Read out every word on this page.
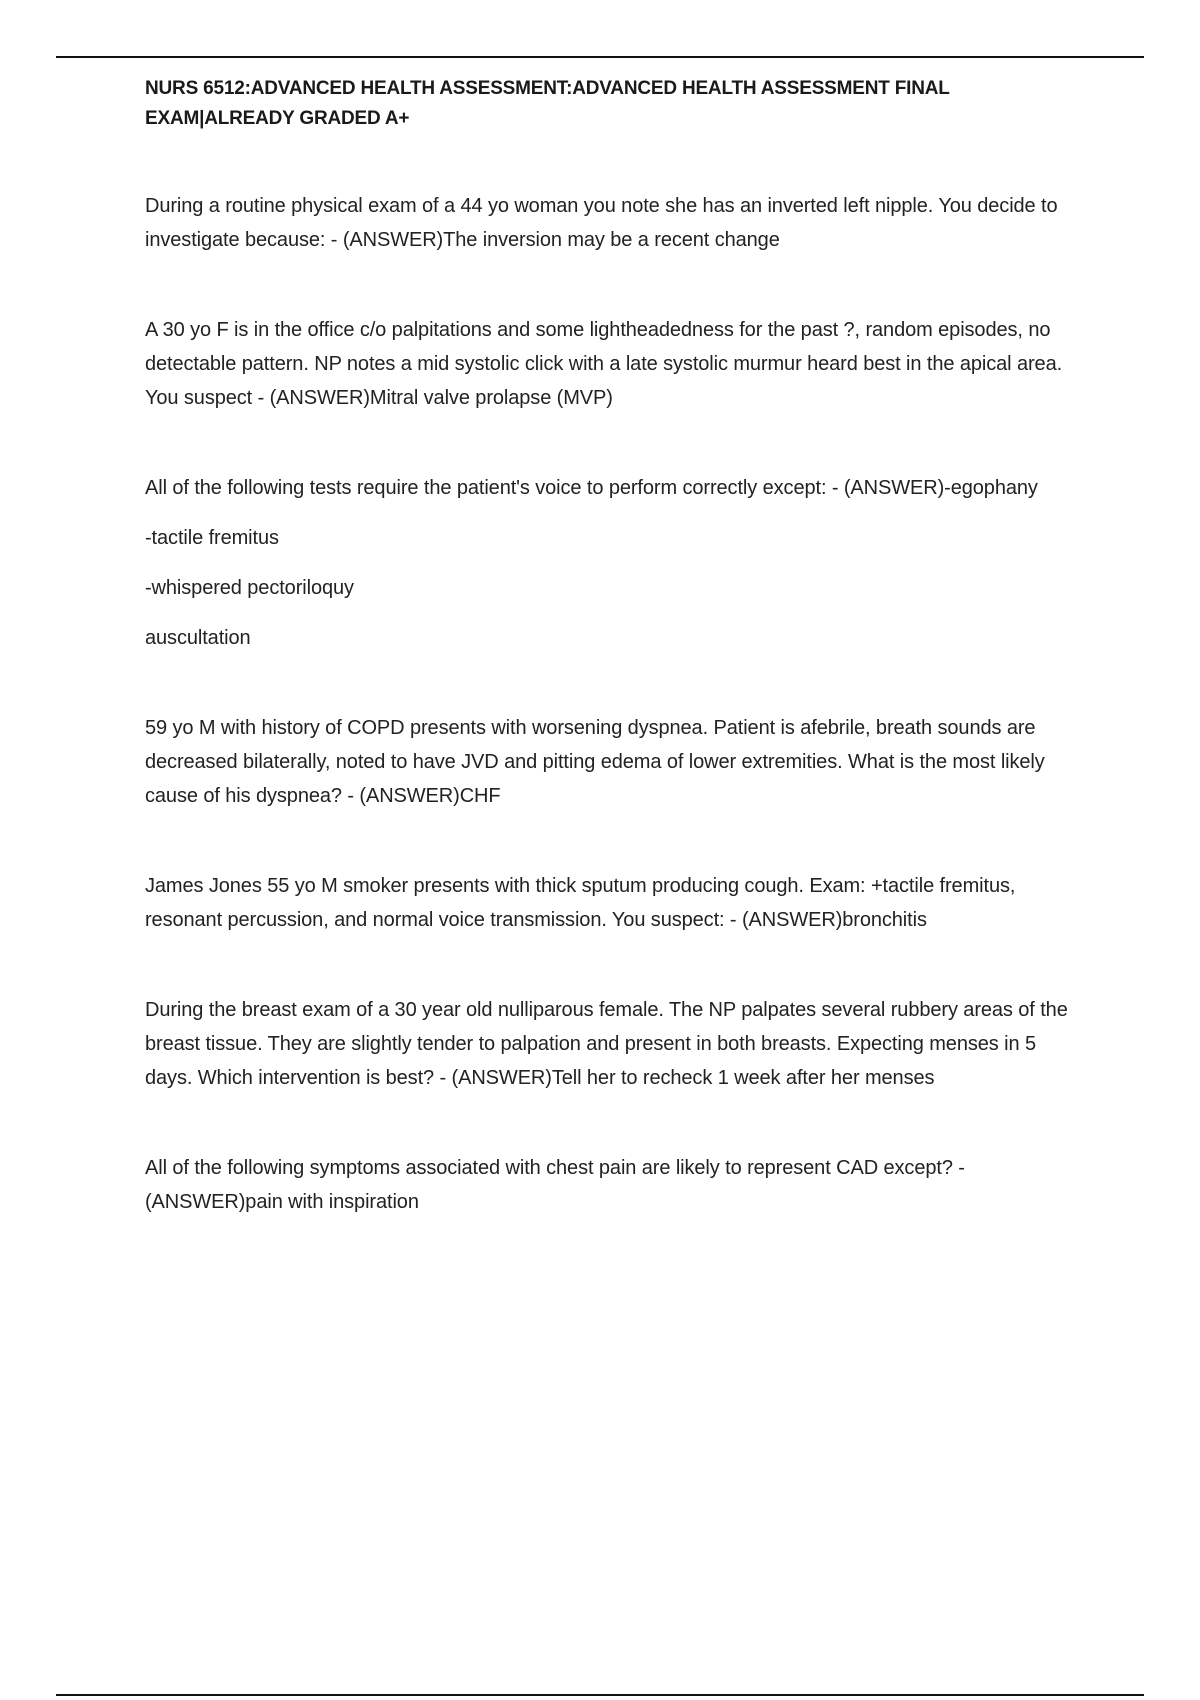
NURS 6512:ADVANCED HEALTH ASSESSMENT:ADVANCED HEALTH ASSESSMENT FINAL EXAM|ALREADY GRADED A+

During a routine physical exam of a 44 yo woman you note she has an inverted left nipple. You decide to investigate because: - (ANSWER)The inversion may be a recent change

A 30 yo F is in the office c/o palpitations and some lightheadedness for the past ?, random episodes, no detectable pattern. NP notes a mid systolic click with a late systolic murmur heard best in the apical area. You suspect - (ANSWER)Mitral valve prolapse (MVP)

All of the following tests require the patient's voice to perform correctly except: - (ANSWER)-egophany

-tactile fremitus

-whispered pectoriloquy

auscultation

59 yo M with history of COPD presents with worsening dyspnea. Patient is afebrile, breath sounds are decreased bilaterally, noted to have JVD and pitting edema of lower extremities. What is the most likely cause of his dyspnea? - (ANSWER)CHF

James Jones 55 yo M smoker presents with thick sputum producing cough. Exam: +tactile fremitus, resonant percussion, and normal voice transmission. You suspect: - (ANSWER)bronchitis

During the breast exam of a 30 year old nulliparous female. The NP palpates several rubbery areas of the breast tissue. They are slightly tender to palpation and present in both breasts. Expecting menses in 5 days. Which intervention is best? - (ANSWER)Tell her to recheck 1 week after her menses

All of the following symptoms associated with chest pain are likely to represent CAD except? - (ANSWER)pain with inspiration
